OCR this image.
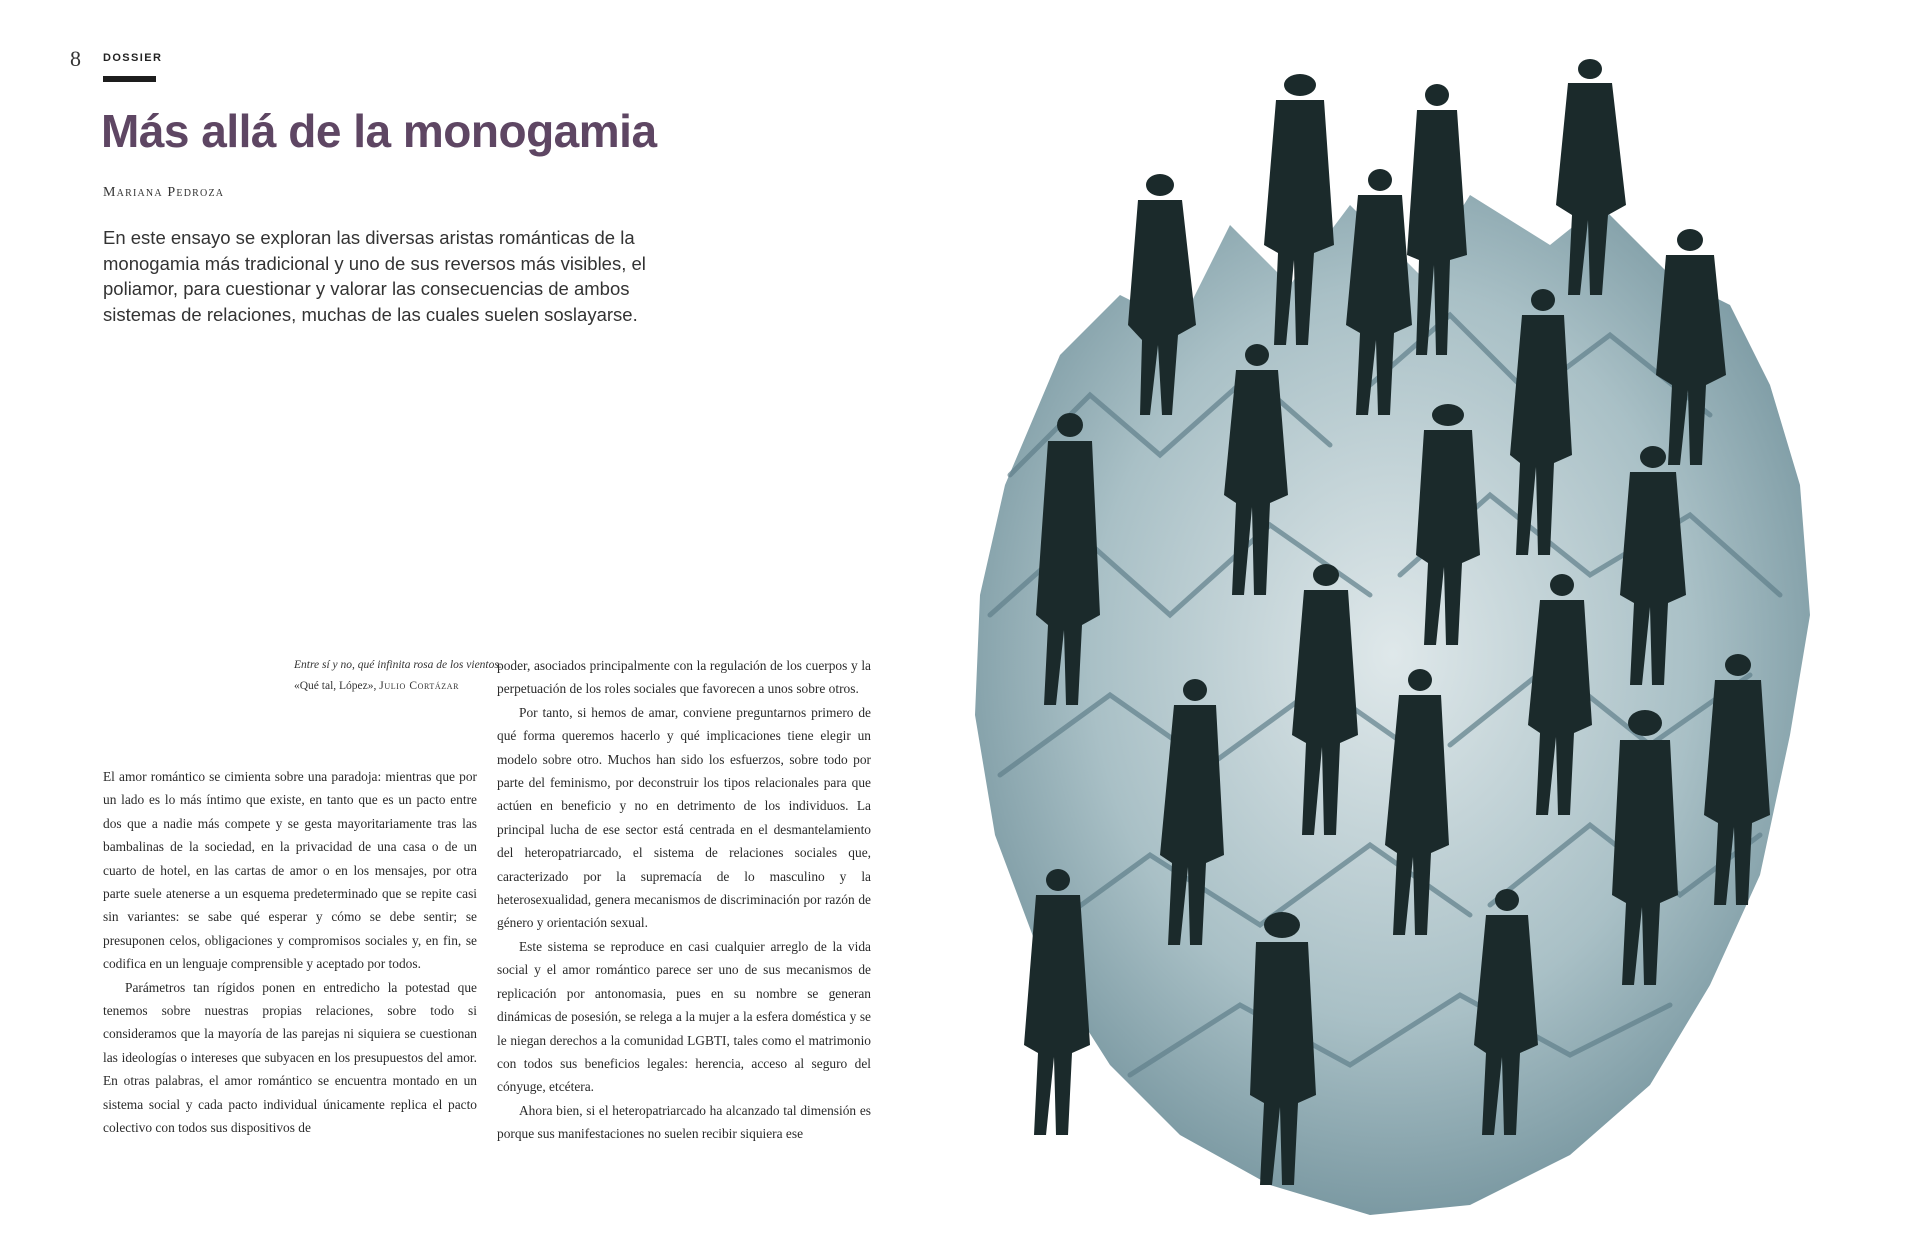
8 DOSSIER
Más allá de la monogamia
Mariana Pedroza

En este ensayo se exploran las diversas aristas románticas de la monogamia más tradicional y uno de sus reversos más visibles, el poliamor, para cuestionar y valorar las consecuencias de ambos sistemas de relaciones, muchas de las cuales suelen soslayarse.

Entre sí y no, qué infinita rosa de los vientos.
«Qué tal, López», Julio Cortázar

El amor romántico se cimienta sobre una paradoja: mientras que por un lado es lo más íntimo que existe, en tanto que es un pacto entre dos que a nadie más compete y se gesta mayoritariamente tras las bambalinas de la sociedad, en la privacidad de una casa o de un cuarto de hotel, en las cartas de amor o en los mensajes, por otra parte suele atenerse a un esquema predeterminado que se repite casi sin variantes: se sabe qué esperar y cómo se debe sentir; se presuponen celos, obligaciones y compromisos sociales y, en fin, se codifica en un lenguaje comprensible y aceptado por todos.

Parámetros tan rígidos ponen en entredicho la potestad que tenemos sobre nuestras propias relaciones, sobre todo si consideramos que la mayoría de las parejas ni siquiera se cuestionan las ideologías o intereses que subyacen en los presupuestos del amor. En otras palabras, el amor romántico se encuentra montado en un sistema social y cada pacto individual únicamente replica el pacto colectivo con todos sus dispositivos de

poder, asociados principalmente con la regulación de los cuerpos y la perpetuación de los roles sociales que favorecen a unos sobre otros.

Por tanto, si hemos de amar, conviene preguntarnos primero de qué forma queremos hacerlo y qué implicaciones tiene elegir un modelo sobre otro. Muchos han sido los esfuerzos, sobre todo por parte del feminismo, por deconstruir los tipos relacionales para que actúen en beneficio y no en detrimento de los individuos. La principal lucha de ese sector está centrada en el desmantelamiento del heteropatriarcado, el sistema de relaciones sociales que, caracterizado por la supremacía de lo masculino y la heterosexualidad, genera mecanismos de discriminación por razón de género y orientación sexual.

Este sistema se reproduce en casi cualquier arreglo de la vida social y el amor romántico parece ser uno de sus mecanismos de replicación por antonomasia, pues en su nombre se generan dinámicas de posesión, se relega a la mujer a la esfera doméstica y se le niegan derechos a la comunidad LGBTI, tales como el matrimonio con todos sus beneficios legales: herencia, acceso al seguro del cónyuge, etcétera.

Ahora bien, si el heteropatriarcado ha alcanzado tal dimensión es porque sus manifestaciones no suelen recibir siquiera ese
